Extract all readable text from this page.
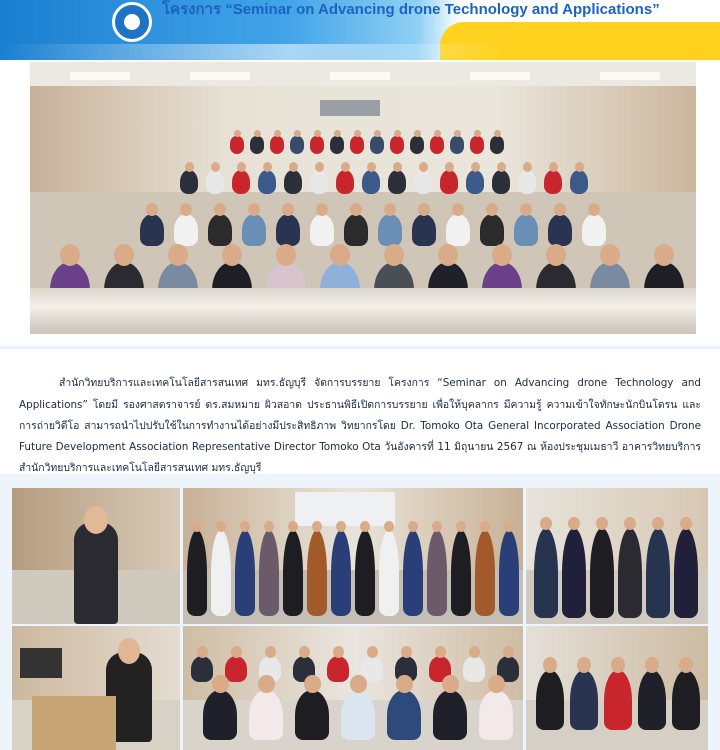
โครงการ “Seminar on Advancing drone Technology and Applications”

สำนักวิทยบริการและเทคโนโลยีสารสนเทศ มทร.ธัญบุรี จัดการบรรยาย โครงการ “Seminar on Advancing drone Technology and Applications” โดยมี รองศาสตราจารย์ ดร.สมหมาย ผิวสอาด ประธานพิธีเปิดการบรรยาย เพื่อให้บุคลากร มีความรู้ ความเข้าใจทักษะนักบินโดรน และการถ่ายวิดีโอ สามารถนำไปปรับใช้ในการทำงานได้อย่างมีประสิทธิภาพ วิทยากรโดย Dr. Tomoko Ota General Incorporated Association Drone Future Development Association Representative Director Tomoko Ota วันอังคารที่ 11 มิถุนายน 2567 ณ ห้องประชุมเมธาวี อาคารวิทยบริการ สำนักวิทยบริการและเทคโนโลยีสารสนเทศ มทร.ธัญบุรี
